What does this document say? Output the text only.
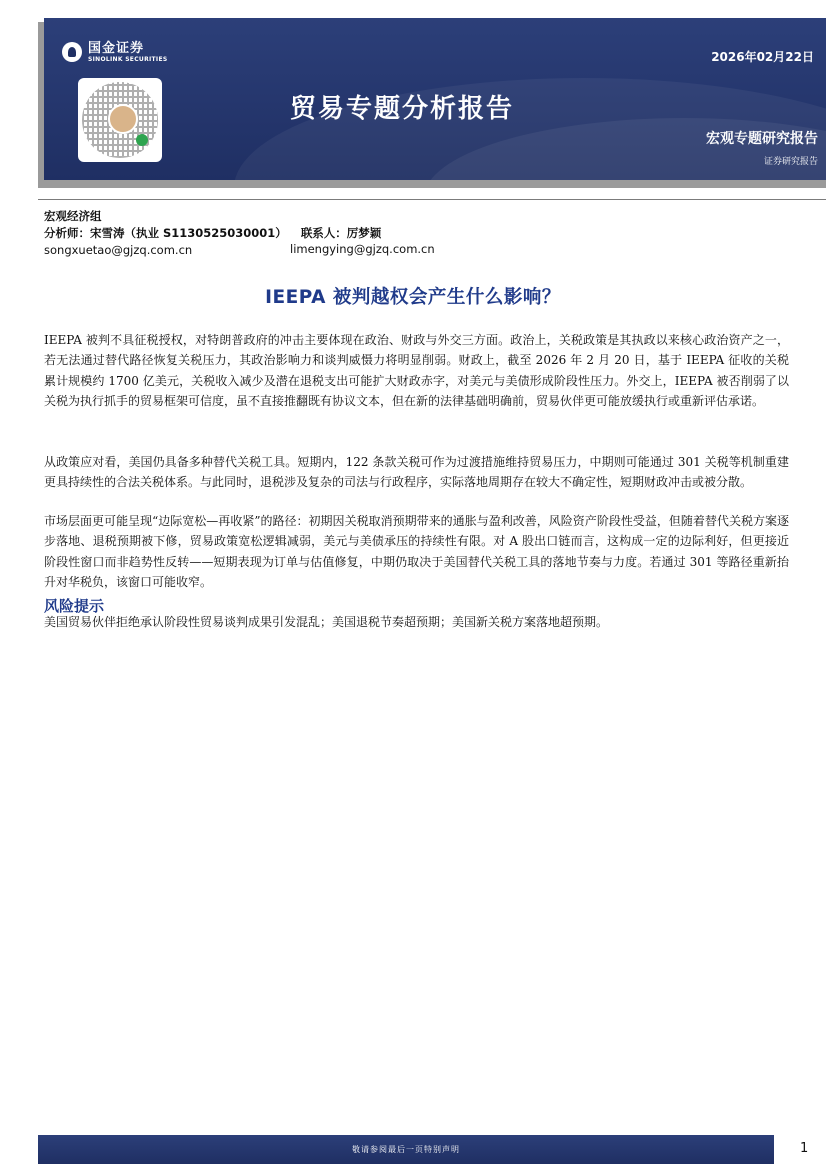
国金证券
SINOLINK SECURITIES	2026年02月22日
贸易专题分析报告
宏观专题研究报告
证券研究报告
宏观经济组
分析师：宋雪涛（执业 S1130525030001） 联系人：厉梦颖
songxuetao@gjzq.com.cn	limengying@gjzq.com.cn
IEEPA 被判越权会产生什么影响？

IEEPA 被判不具征税授权，对特朗普政府的冲击主要体现在政治、财政与外交三方面。政治上，关税政策是其执政以来核心政治资产之一，若无法通过替代路径恢复关税压力，其政治影响力和谈判威慑力将明显削弱。财政上，截至 2026 年 2 月 20 日，基于 IEEPA 征收的关税累计规模约 1700 亿美元，关税收入减少及潜在退税支出可能扩大财政赤字，对美元与美债形成阶段性压力。外交上，IEEPA 被否削弱了以关税为执行抓手的贸易框架可信度，虽不直接推翻既有协议文本，但在新的法律基础明确前，贸易伙伴更可能放缓执行或重新评估承诺。

从政策应对看，美国仍具备多种替代关税工具。短期内，122 条款关税可作为过渡措施维持贸易压力，中期则可能通过 301 关税等机制重建更具持续性的合法关税体系。与此同时，退税涉及复杂的司法与行政程序，实际落地周期存在较大不确定性，短期财政冲击或被分散。

市场层面更可能呈现“边际宽松—再收紧”的路径：初期因关税取消预期带来的通胀与盈利改善，风险资产阶段性受益，但随着替代关税方案逐步落地、退税预期被下修，贸易政策宽松逻辑减弱，美元与美债承压的持续性有限。对 A 股出口链而言，这构成一定的边际利好，但更接近阶段性窗口而非趋势性反转——短期表现为订单与估值修复，中期仍取决于美国替代关税工具的落地节奏与力度。若通过 301 等路径重新抬升对华税负，该窗口可能收窄。

风险提示

美国贸易伙伴拒绝承认阶段性贸易谈判成果引发混乱；美国退税节奏超预期；美国新关税方案落地超预期。

敬请参阅最后一页特别声明	1
